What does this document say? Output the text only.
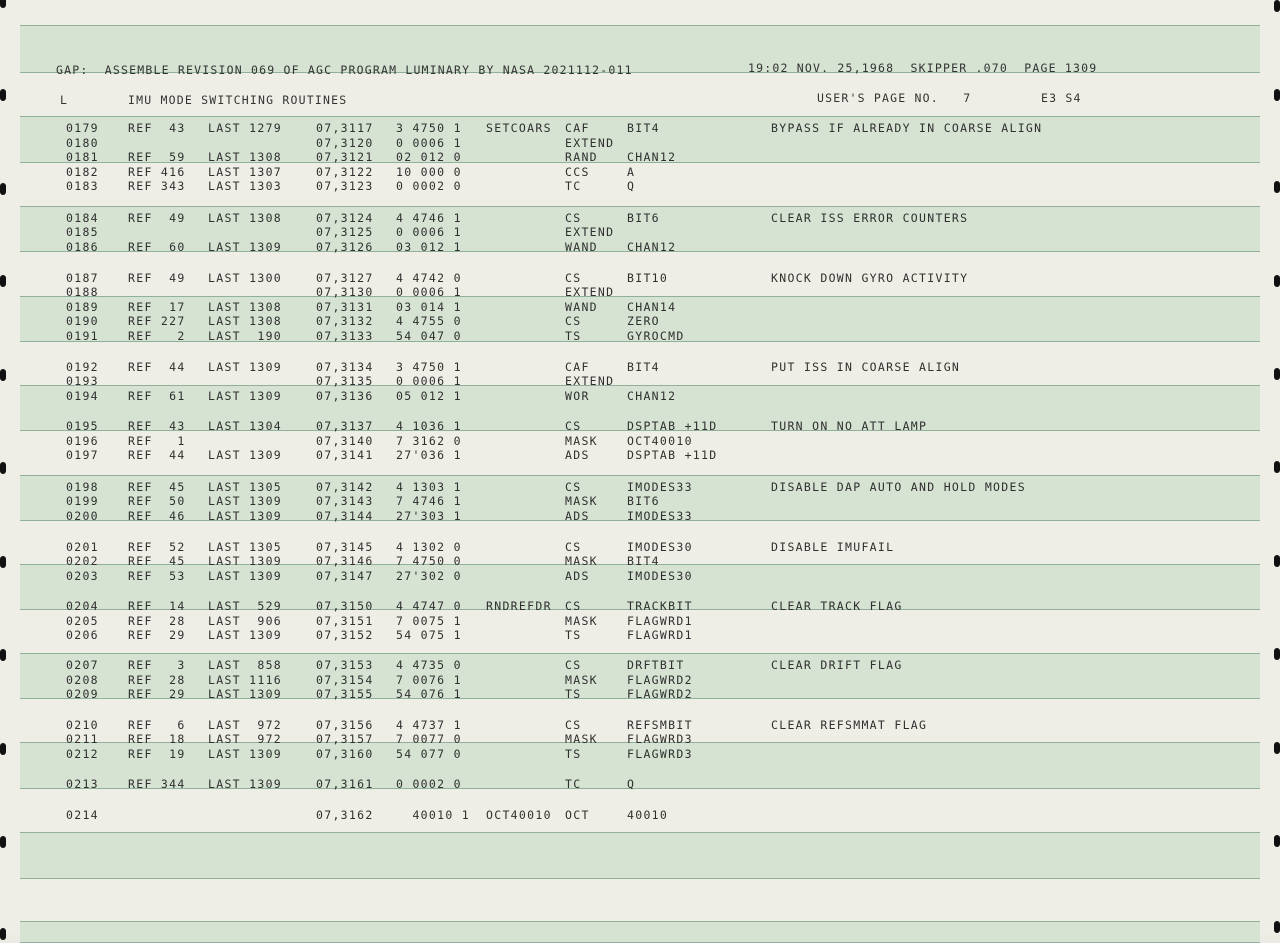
GAP:  ASSEMBLE REVISION 069 OF AGC PROGRAM LUMINARY BY NASA 2021112-011	19:02 NOV. 25,1968  SKIPPER .070  PAGE 1309
L	IMU MODE SWITCHING ROUTINES	USER'S PAGE NO.   7	E3 S4
0179	REF  43 LAST 1279	07,3117 3 4750 1 SETCOARS CAF	BIT4	BYPASS IF ALREADY IN COARSE ALIGN
0180	07,3120 0 0006 1	EXTEND
0181	REF  59 LAST 1308	07,3121 02 012 0	RAND	CHAN12
0182	REF 416 LAST 1307	07,3122 10 000 0	CCS	A
0183	REF 343 LAST 1303	07,3123 0 0002 0	TC	Q
0184	REF  49 LAST 1308	07,3124 4 4746 1	CS	BIT6	CLEAR ISS ERROR COUNTERS
0185	07,3125 0 0006 1	EXTEND
0186	REF  60 LAST 1309	07,3126 03 012 1	WAND	CHAN12
0187	REF  49 LAST 1300	07,3127 4 4742 0	CS	BIT10	KNOCK DOWN GYRO ACTIVITY
0188	07,3130 0 0006 1	EXTEND
0189	REF  17 LAST 1308	07,3131 03 014 1	WAND	CHAN14
0190	REF 227 LAST 1308	07,3132 4 4755 0	CS	ZERO
0191	REF   2 LAST  190	07,3133 54 047 0	TS	GYROCMD
0192	REF  44 LAST 1309	07,3134 3 4750 1	CAF	BIT4	PUT ISS IN COARSE ALIGN
0193	07,3135 0 0006 1	EXTEND
0194	REF  61 LAST 1309	07,3136 05 012 1	WOR	CHAN12
0195	REF  43 LAST 1304	07,3137 4 1036 1	CS	DSPTAB +11D	TURN ON NO ATT LAMP
0196	REF   1	07,3140 7 3162 0	MASK	OCT40010
0197	REF  44 LAST 1309	07,3141 27'036 1	ADS	DSPTAB +11D
0198	REF  45 LAST 1305	07,3142 4 1303 1	CS	IMODES33	DISABLE DAP AUTO AND HOLD MODES
0199	REF  50 LAST 1309	07,3143 7 4746 1	MASK	BIT6
0200	REF  46 LAST 1309	07,3144 27'303 1	ADS	IMODES33
0201	REF  52 LAST 1305	07,3145 4 1302 0	CS	IMODES30	DISABLE IMUFAIL
0202	REF  45 LAST 1309	07,3146 7 4750 0	MASK	BIT4
0203	REF  53 LAST 1309	07,3147 27'302 0	ADS	IMODES30
0204	REF  14 LAST  529	07,3150 4 4747 0 RNDREFDR CS	TRACKBIT	CLEAR TRACK FLAG
0205	REF  28 LAST  906	07,3151 7 0075 1	MASK	FLAGWRD1
0206	REF  29 LAST 1309	07,3152 54 075 1	TS	FLAGWRD1
0207	REF   3 LAST  858	07,3153 4 4735 0	CS	DRFTBIT	CLEAR DRIFT FLAG
0208	REF  28 LAST 1116	07,3154 7 0076 1	MASK	FLAGWRD2
0209	REF  29 LAST 1309	07,3155 54 076 1	TS	FLAGWRD2
0210	REF   6 LAST  972	07,3156 4 4737 1	CS	REFSMBIT	CLEAR REFSMMAT FLAG
0211	REF  18 LAST  972	07,3157 7 0077 0	MASK	FLAGWRD3
0212	REF  19 LAST 1309	07,3160 54 077 0	TS	FLAGWRD3
0213	REF 344 LAST 1309	07,3161 0 0002 0	TC	Q
0214	07,3162 40010 1 OCT40010 OCT	40010
